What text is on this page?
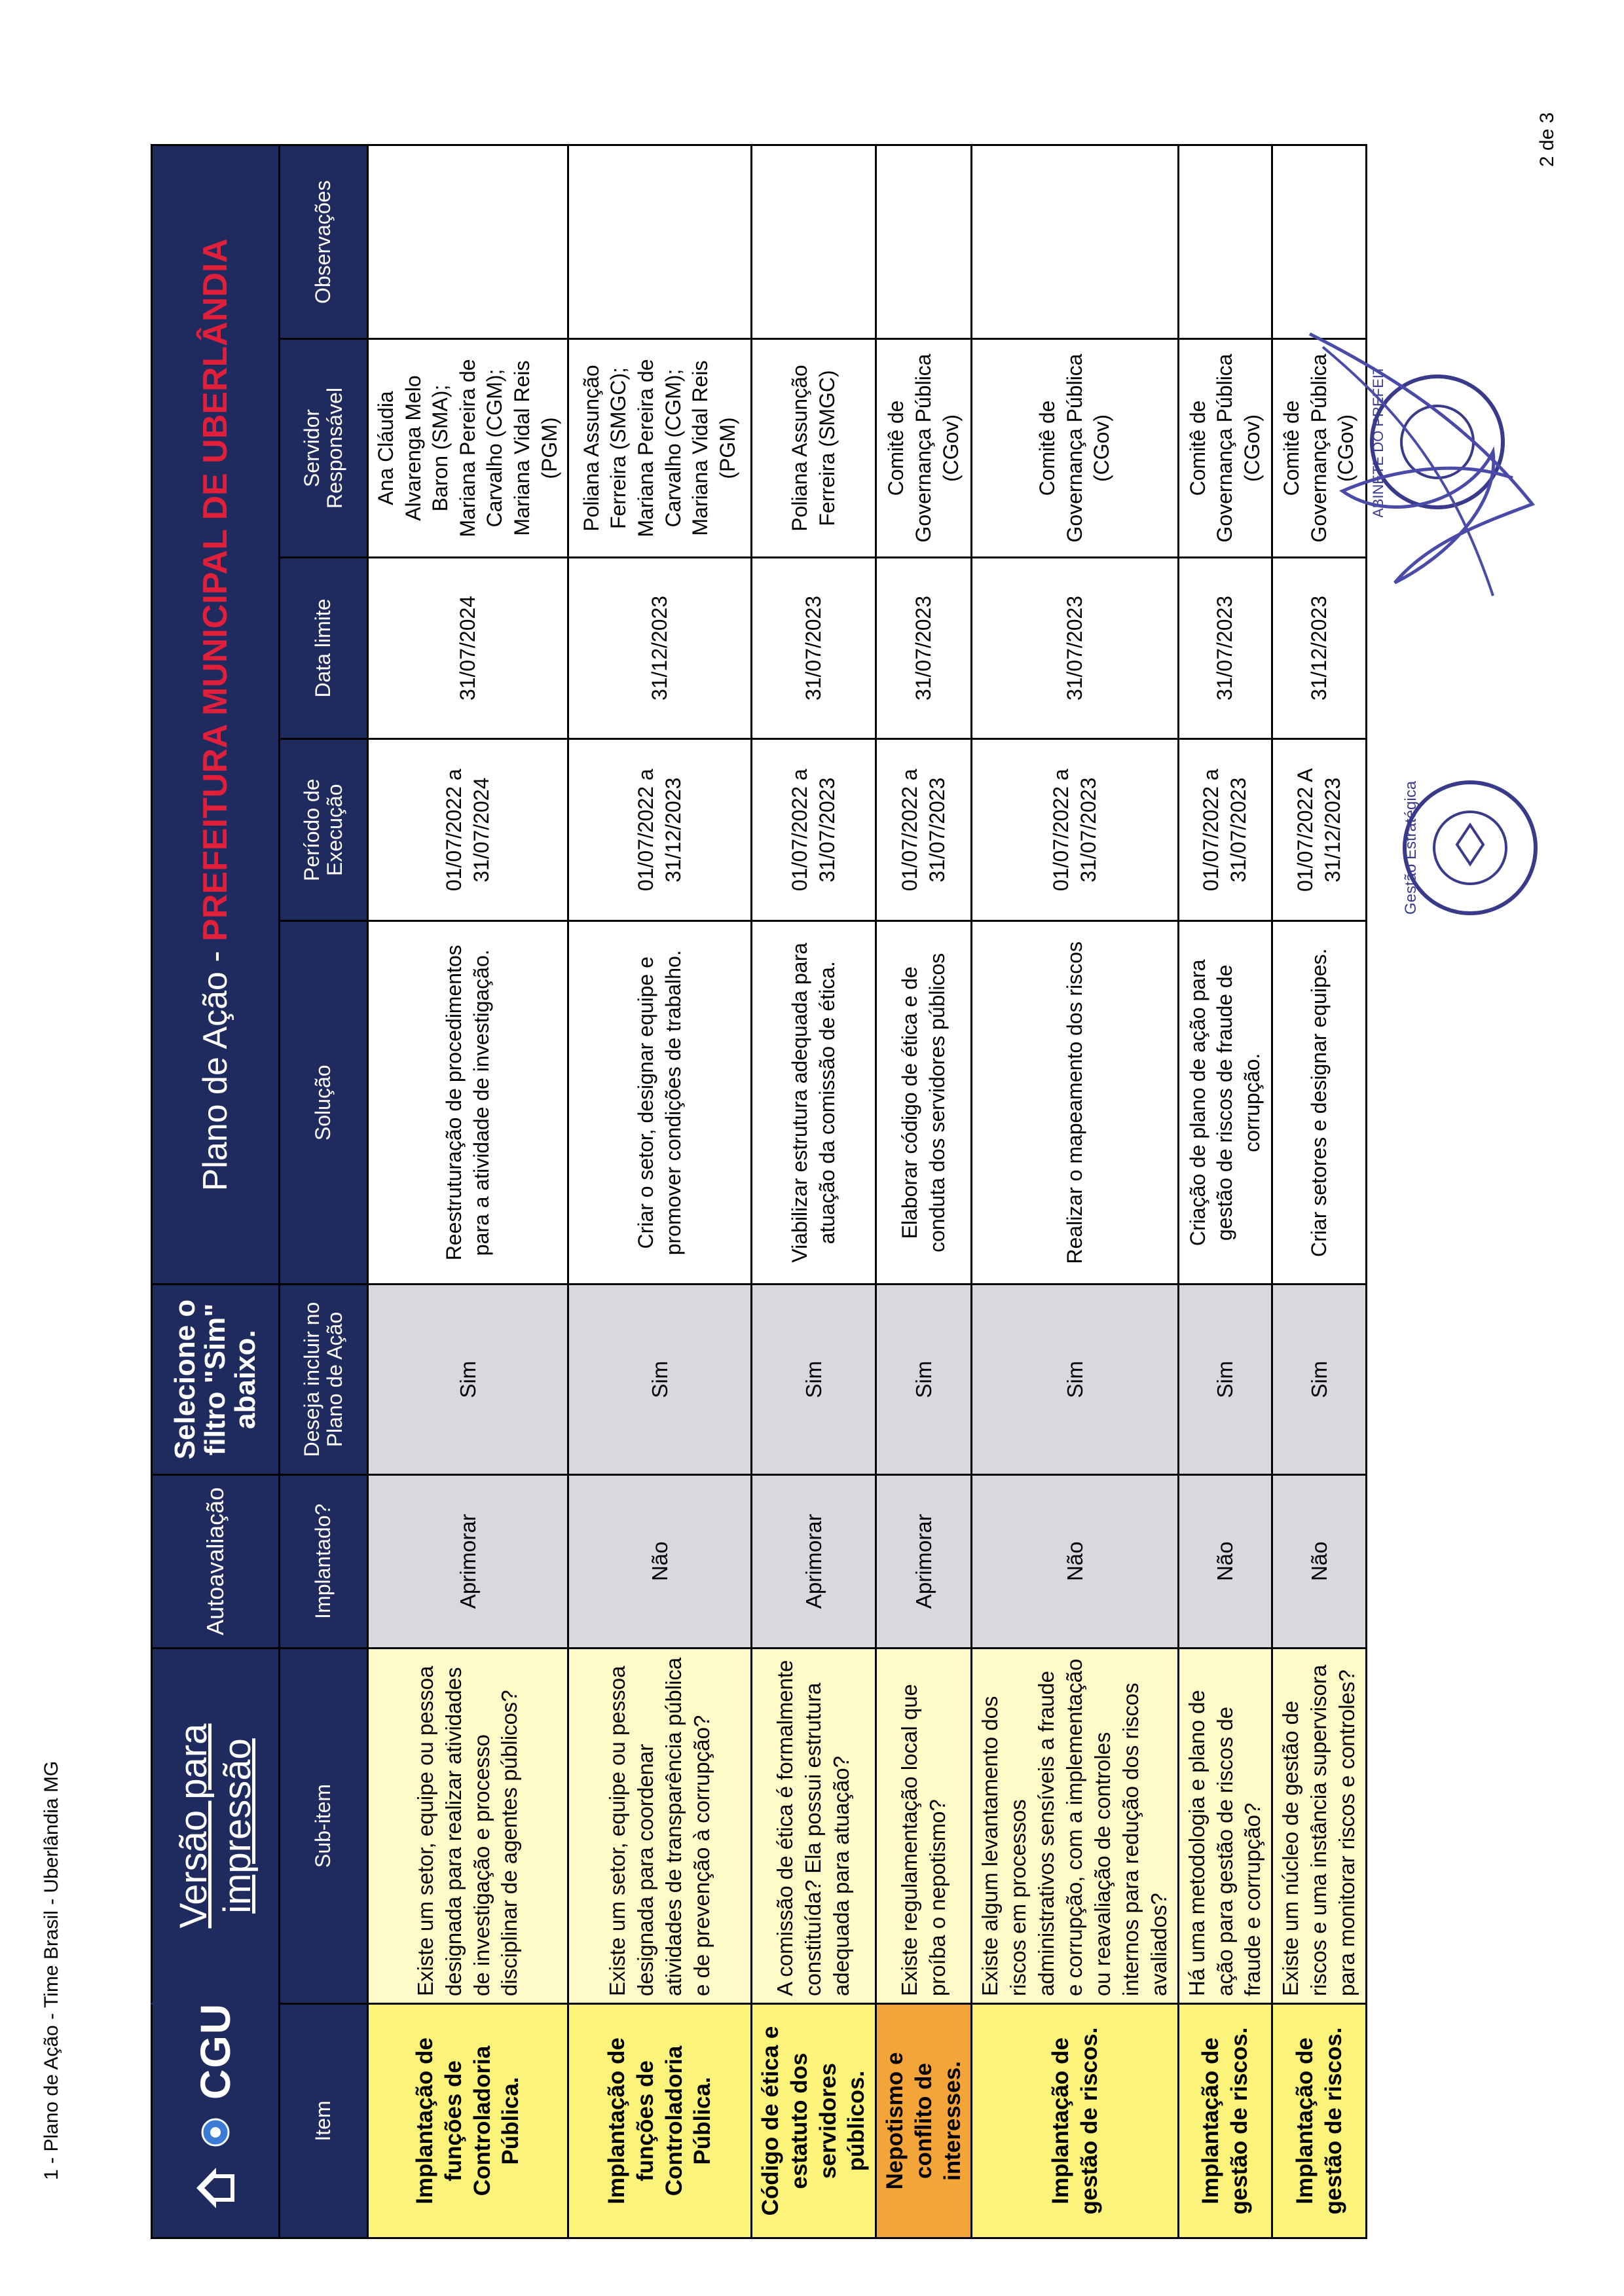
CGU	Versão para impressão	Autoavaliação	Selecione o filtro "Sim" abaixo.	Plano de Ação - PREFEITURA MUNICIPAL DE UBERLÂNDIA				
Item	Sub-item	Implantado?	Deseja incluir no Plano de Ação	Solução	Período de Execução	Data limite	Servidor Responsável	Observações
Implantação de funções de Controladoria Pública.	Existe um setor, equipe ou pessoa designada para realizar atividades de investigação e processo disciplinar de agentes públicos?	Aprimorar	Sim	Reestruturação de procedimentos para a atividade de investigação.	01/07/2022 a 31/07/2024	31/07/2024	Ana Cláudia Alvarenga Melo Baron (SMA); Mariana Pereira de Carvalho (CGM); Mariana Vidal Reis (PGM)	
Implantação de funções de Controladoria Pública.	Existe um setor, equipe ou pessoa designada para coordenar atividades de transparência pública e de prevenção à corrupção?	Não	Sim	Criar o setor, designar equipe e promover condições de trabalho.	01/07/2022 a 31/12/2023	31/12/2023	Poliana Assunção Ferreira (SMGC); Mariana Pereira de Carvalho (CGM); Mariana Vidal Reis (PGM)	
Código de ética e estatuto dos servidores públicos.	A comissão de ética é formalmente constituída? Ela possui estrutura adequada para atuação?	Aprimorar	Sim	Viabilizar estrutura adequada para atuação da comissão de ética.	01/07/2022 a 31/07/2023	31/07/2023	Poliana Assunção Ferreira (SMGC)	
Nepotismo e conflito de interesses.	Existe regulamentação local que proíba o nepotismo?	Aprimorar	Sim	Elaborar código de ética e de conduta dos servidores públicos	01/07/2022 a 31/07/2023	31/07/2023	Comitê de Governança Pública (CGov)	
Implantação de gestão de riscos.	Existe algum levantamento dos riscos em processos administrativos sensíveis a fraude e corrupção, com a implementação ou reavaliação de controles internos para redução dos riscos avaliados?	Não	Sim	Realizar o mapeamento dos riscos	01/07/2022 a 31/07/2023	31/07/2023	Comitê de Governança Pública (CGov)	
Implantação de gestão de riscos.	Há uma metodologia e plano de ação para gestão de riscos de fraude e corrupção?	Não	Sim	Criação de plano de ação para gestão de riscos de fraude de corrupção.	01/07/2022 a 31/07/2023	31/07/2023	Comitê de Governança Pública (CGov)	
Implantação de gestão de riscos.	Existe um núcleo de gestão de riscos e uma instância supervisora para monitorar riscos e controles?	Não	Sim	Criar setores e designar equipes.	01/07/2022 A 31/12/2023	31/12/2023	Comitê de Governança Pública (CGov)	
1 - Plano de Ação - Time Brasil - Uberlândia MG
2 de 3
Gestão Estratégica
GABINETE DO PREFEITO
